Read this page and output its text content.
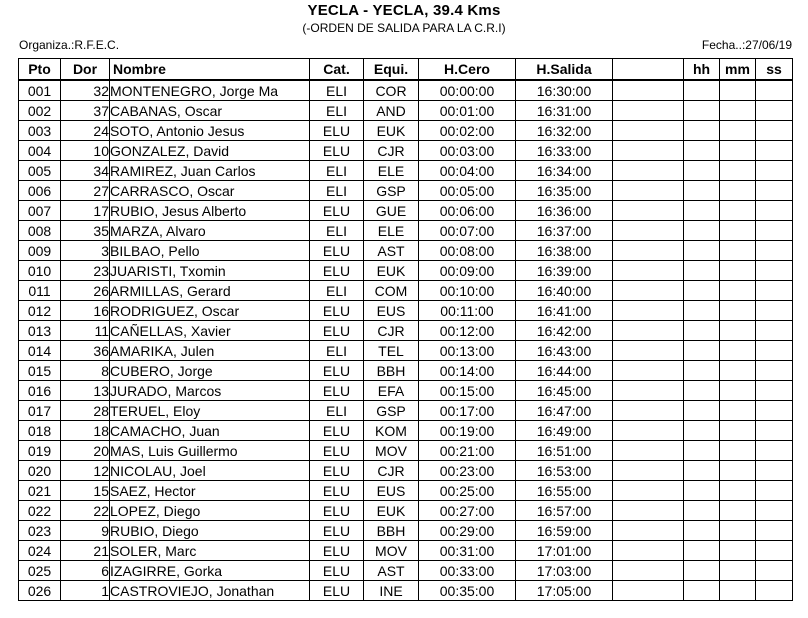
YECLA - YECLA, 39.4 Kms
(-ORDEN DE SALIDA PARA LA C.R.I)
Organiza.:R.F.E.C.	Fecha..:27/06/19
Pto	Dor	Nombre	Cat.	Equi.	H.Cero	H.Salida		hh	mm	ss
001	32	MONTENEGRO, Jorge Ma	ELI	COR	00:00:00	16:30:00				
002	37	CABANAS, Oscar	ELI	AND	00:01:00	16:31:00				
003	24	SOTO, Antonio Jesus	ELU	EUK	00:02:00	16:32:00				
004	10	GONZALEZ, David	ELU	CJR	00:03:00	16:33:00				
005	34	RAMIREZ, Juan Carlos	ELI	ELE	00:04:00	16:34:00				
006	27	CARRASCO, Oscar	ELI	GSP	00:05:00	16:35:00				
007	17	RUBIO, Jesus Alberto	ELU	GUE	00:06:00	16:36:00				
008	35	MARZA, Alvaro	ELI	ELE	00:07:00	16:37:00				
009	3	BILBAO, Pello	ELU	AST	00:08:00	16:38:00				
010	23	JUARISTI, Txomin	ELU	EUK	00:09:00	16:39:00				
011	26	ARMILLAS, Gerard	ELI	COM	00:10:00	16:40:00				
012	16	RODRIGUEZ, Oscar	ELU	EUS	00:11:00	16:41:00				
013	11	CAÑELLAS, Xavier	ELU	CJR	00:12:00	16:42:00				
014	36	AMARIKA, Julen	ELI	TEL	00:13:00	16:43:00				
015	8	CUBERO, Jorge	ELU	BBH	00:14:00	16:44:00				
016	13	JURADO, Marcos	ELU	EFA	00:15:00	16:45:00				
017	28	TERUEL, Eloy	ELI	GSP	00:17:00	16:47:00				
018	18	CAMACHO, Juan	ELU	KOM	00:19:00	16:49:00				
019	20	MAS, Luis Guillermo	ELU	MOV	00:21:00	16:51:00				
020	12	NICOLAU, Joel	ELU	CJR	00:23:00	16:53:00				
021	15	SAEZ, Hector	ELU	EUS	00:25:00	16:55:00				
022	22	LOPEZ, Diego	ELU	EUK	00:27:00	16:57:00				
023	9	RUBIO, Diego	ELU	BBH	00:29:00	16:59:00				
024	21	SOLER, Marc	ELU	MOV	00:31:00	17:01:00				
025	6	IZAGIRRE, Gorka	ELU	AST	00:33:00	17:03:00				
026	1	CASTROVIEJO, Jonathan	ELU	INE	00:35:00	17:05:00				
